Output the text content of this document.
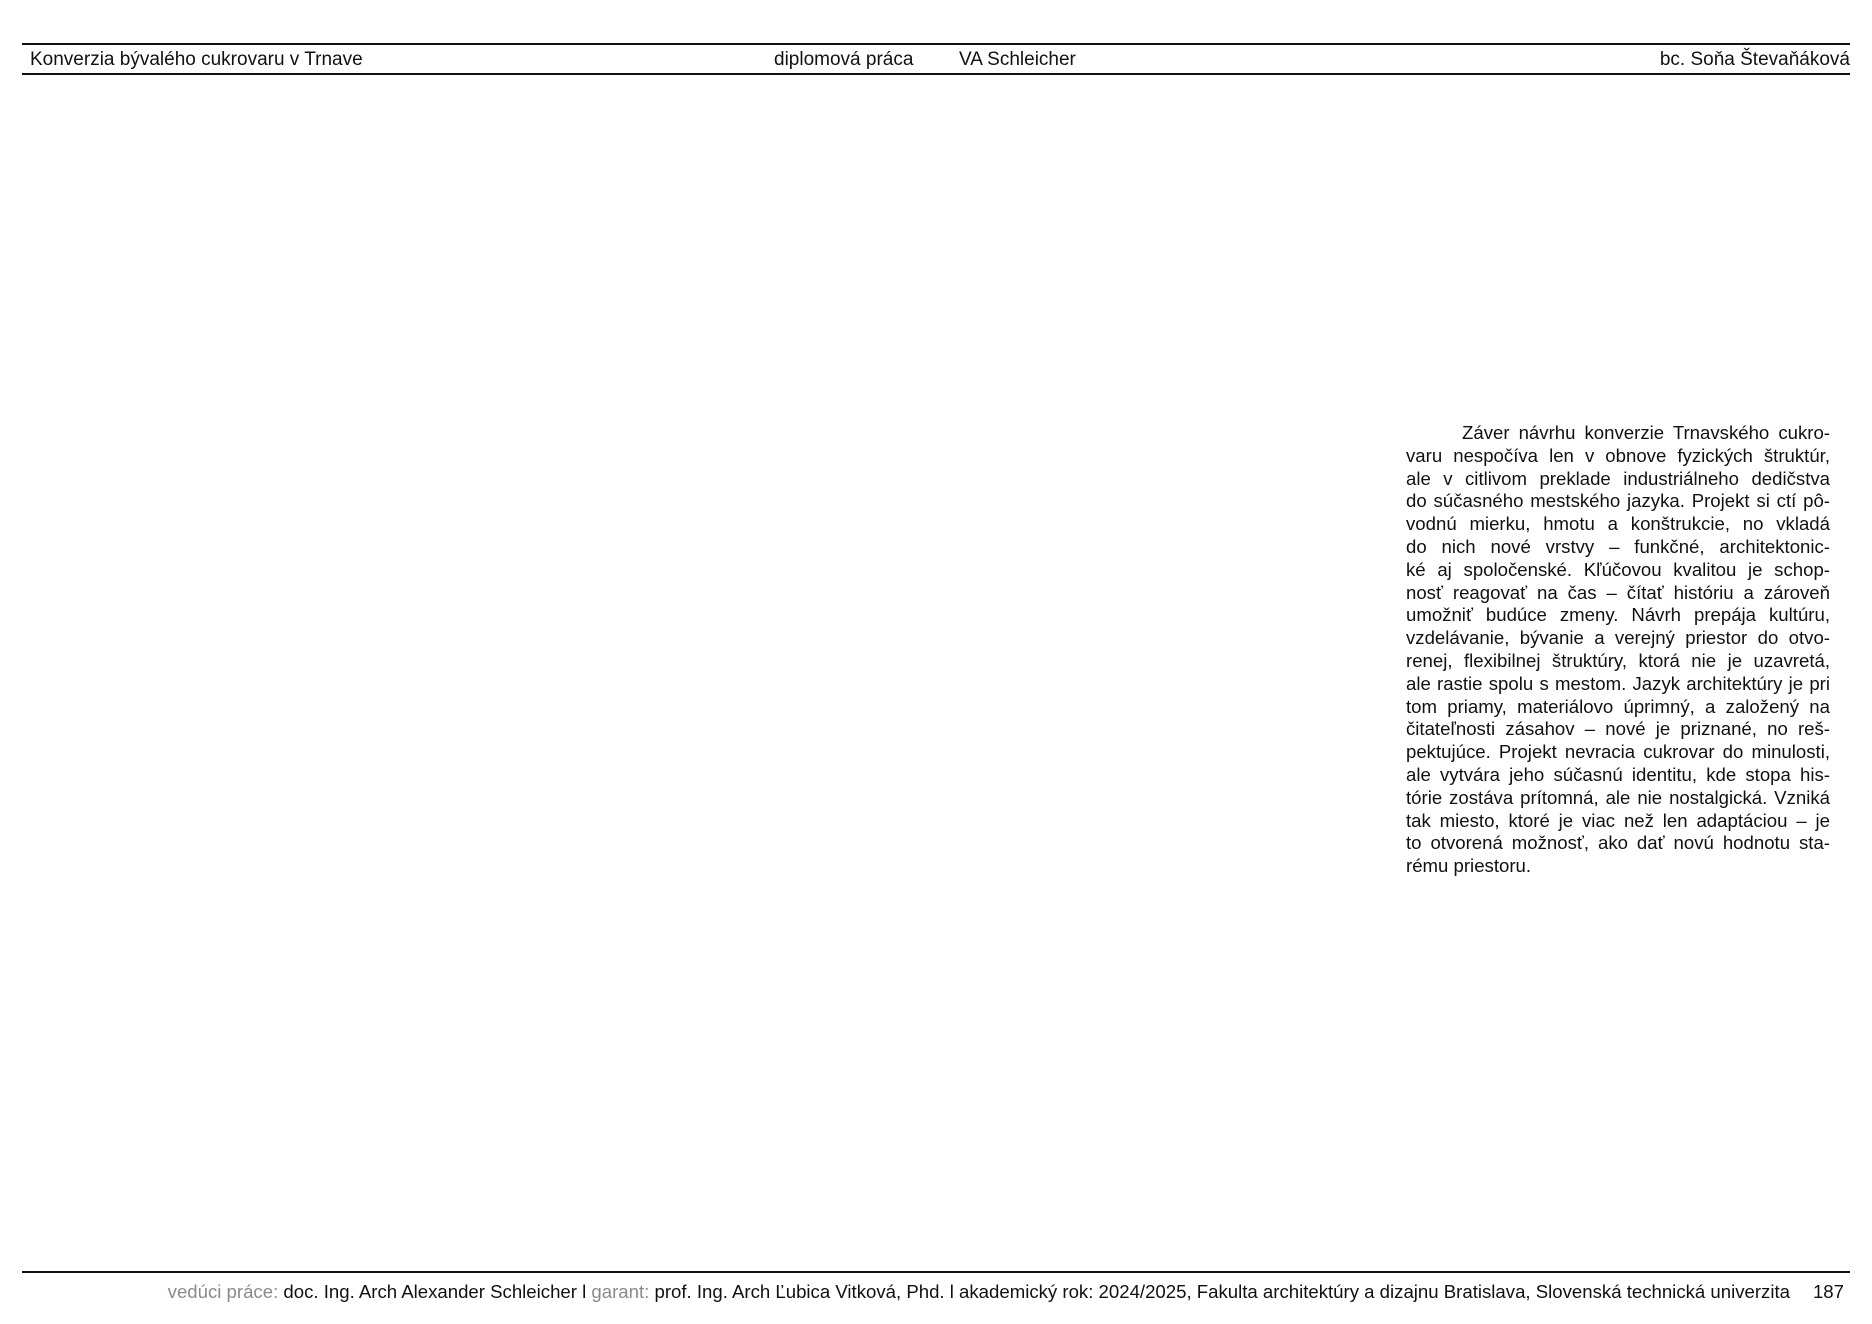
Konverzia bývalého cukrovaru v Trnave	diplomová práca VA Schleicher	bc. Soňa Števaňáková
Záver návrhu konverzie Trnavského cukro-
varu nespočíva len v obnove fyzických štruktúr,
ale v citlivom preklade industriálneho dedičstva
do súčasného mestského jazyka. Projekt si ctí pô-
vodnú mierku, hmotu a konštrukcie, no vkladá
do nich nové vrstvy – funkčné, architektonic-
ké aj spoločenské. Kľúčovou kvalitou je schop-
nosť reagovať na čas – čítať históriu a zároveň
umožniť budúce zmeny. Návrh prepája kultúru,
vzdelávanie, bývanie a verejný priestor do otvo-
renej, flexibilnej štruktúry, ktorá nie je uzavretá,
ale rastie spolu s mestom. Jazyk architektúry je pri
tom priamy, materiálovo úprimný, a založený na
čitateľnosti zásahov – nové je priznané, no reš-
pektujúce. Projekt nevracia cukrovar do minulosti,
ale vytvára jeho súčasnú identitu, kde stopa his-
tórie zostáva prítomná, ale nie nostalgická. Vzniká
tak miesto, ktoré je viac než len adaptáciou – je
to otvorená možnosť, ako dať novú hodnotu sta-
rému priestoru.
vedúci práce: doc. Ing. Arch Alexander Schleicher l garant: prof. Ing. Arch Ľubica Vitková, Phd. l akademický rok: 2024/2025, Fakulta architektúry a dizajnu Bratislava, Slovenská technická univerzita 187
